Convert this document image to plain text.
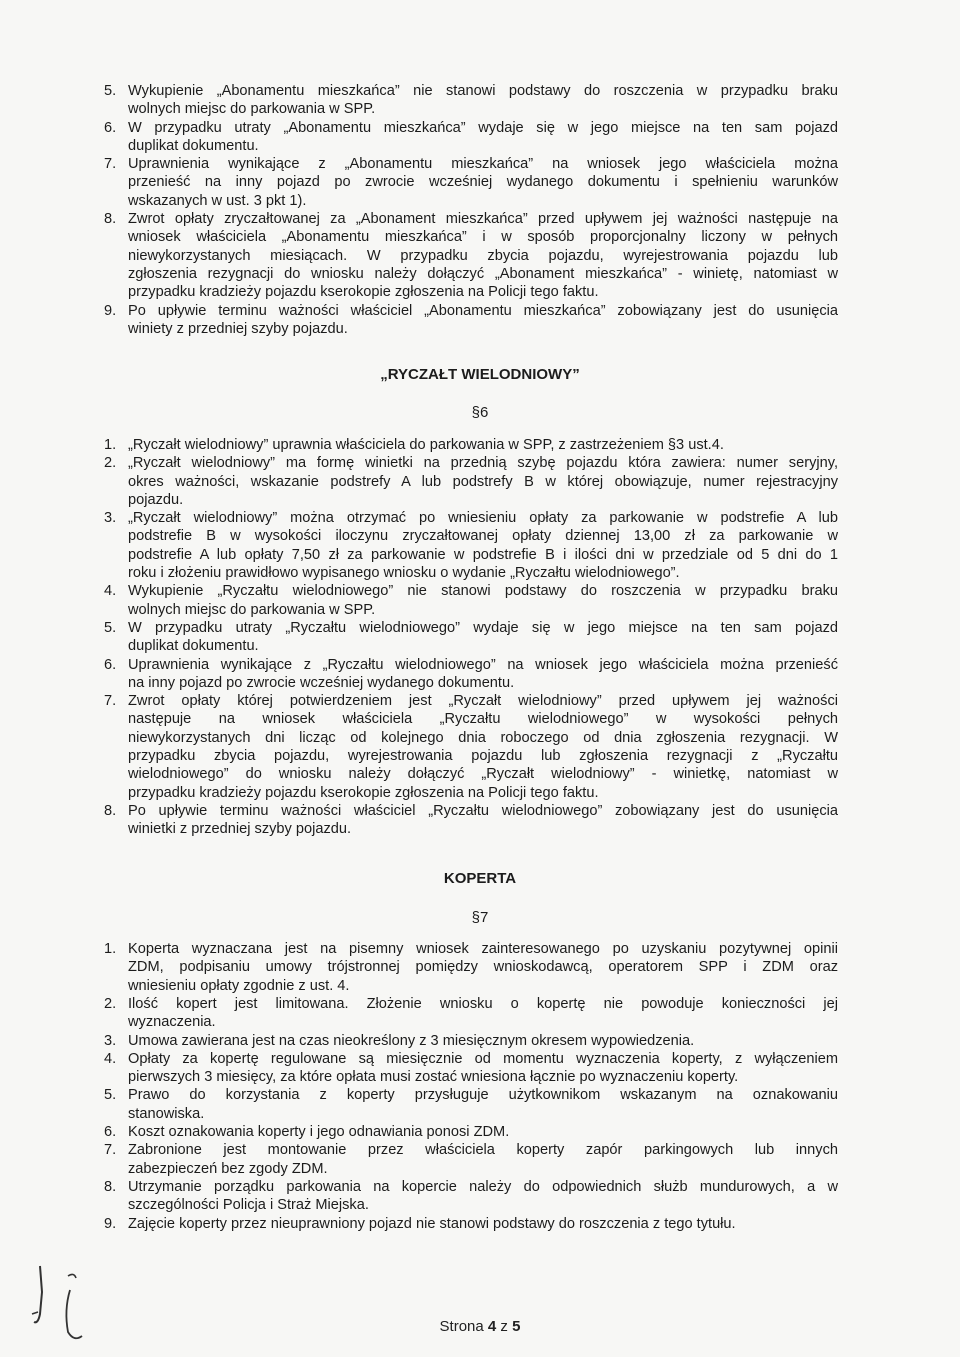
5. Wykupienie „Abonamentu mieszkańca” nie stanowi podstawy do roszczenia w przypadku braku
wolnych miejsc do parkowania w SPP.
6. W przypadku utraty „Abonamentu mieszkańca” wydaje się w jego miejsce na ten sam pojazd
duplikat dokumentu.
7. Uprawnienia wynikające z „Abonamentu mieszkańca” na wniosek jego właściciela można
przenieść na inny pojazd po zwrocie wcześniej wydanego dokumentu i spełnieniu warunków
wskazanych w ust. 3 pkt 1).
8. Zwrot opłaty zryczałtowanej za „Abonament mieszkańca” przed upływem jej ważności następuje na
wniosek właściciela „Abonamentu mieszkańca” i w sposób proporcjonalny liczony w pełnych
niewykorzystanych miesiącach. W przypadku zbycia pojazdu, wyrejestrowania pojazdu lub
zgłoszenia rezygnacji do wniosku należy dołączyć „Abonament mieszkańca” - winietę, natomiast w
przypadku kradzieży pojazdu kserokopie zgłoszenia na Policji tego faktu.
9. Po upływie terminu ważności właściciel „Abonamentu mieszkańca” zobowiązany jest do usunięcia
winiety z przedniej szyby pojazdu.
1. „Ryczałt wielodniowy” uprawnia właściciela do parkowania w SPP, z zastrzeżeniem §3 ust.4.
2. „Ryczałt wielodniowy” ma formę winietki na przednią szybę pojazdu która zawiera: numer seryjny,
okres ważności, wskazanie podstrefy A lub podstrefy B w której obowiązuje, numer rejestracyjny
pojazdu.
3. „Ryczałt wielodniowy” można otrzymać po wniesieniu opłaty za parkowanie w podstrefie A lub
podstrefie B w wysokości iloczynu zryczałtowanej opłaty dziennej 13,00 zł za parkowanie w
podstrefie A lub opłaty 7,50 zł za parkowanie w podstrefie B i ilości dni w przedziale od 5 dni do 1
roku i złożeniu prawidłowo wypisanego wniosku o wydanie „Ryczałtu wielodniowego”.
4. Wykupienie „Ryczałtu wielodniowego” nie stanowi podstawy do roszczenia w przypadku braku
wolnych miejsc do parkowania w SPP.
5. W przypadku utraty „Ryczałtu wielodniowego” wydaje się w jego miejsce na ten sam pojazd
duplikat dokumentu.
6. Uprawnienia wynikające z „Ryczałtu wielodniowego” na wniosek jego właściciela można przenieść
na inny pojazd po zwrocie wcześniej wydanego dokumentu.
7. Zwrot opłaty której potwierdzeniem jest „Ryczałt wielodniowy” przed upływem jej ważności
następuje na wniosek właściciela „Ryczałtu wielodniowego” w wysokości pełnych
niewykorzystanych dni licząc od kolejnego dnia roboczego od dnia zgłoszenia rezygnacji. W
przypadku zbycia pojazdu, wyrejestrowania pojazdu lub zgłoszenia rezygnacji z „Ryczałtu
wielodniowego” do wniosku należy dołączyć „Ryczałt wielodniowy” - winietkę, natomiast w
przypadku kradzieży pojazdu kserokopie zgłoszenia na Policji tego faktu.
8. Po upływie terminu ważności właściciel „Ryczałtu wielodniowego” zobowiązany jest do usunięcia
winietki z przedniej szyby pojazdu.
1. Koperta wyznaczana jest na pisemny wniosek zainteresowanego po uzyskaniu pozytywnej opinii
ZDM, podpisaniu umowy trójstronnej pomiędzy wnioskodawcą, operatorem SPP i ZDM oraz
wniesieniu opłaty zgodnie z ust. 4.
2. Ilość kopert jest limitowana. Złożenie wniosku o kopertę nie powoduje konieczności jej
wyznaczenia.
3. Umowa zawierana jest na czas nieokreślony z 3 miesięcznym okresem wypowiedzenia.
4. Opłaty za kopertę regulowane są miesięcznie od momentu wyznaczenia koperty, z wyłączeniem
pierwszych 3 miesięcy, za które opłata musi zostać wniesiona łącznie po wyznaczeniu koperty.
5. Prawo do korzystania z koperty przysługuje użytkownikom wskazanym na oznakowaniu
stanowiska.
6. Koszt oznakowania koperty i jego odnawiania ponosi ZDM.
7. Zabronione jest montowanie przez właściciela koperty zapór parkingowych lub innych
zabezpieczeń bez zgody ZDM.
8. Utrzymanie porządku parkowania na kopercie należy do odpowiednich służb mundurowych, a w
szczególności Policja i Straż Miejska.
9. Zajęcie koperty przez nieuprawniony pojazd nie stanowi podstawy do roszczenia z tego tytułu.
„RYCZAŁT WIELODNIOWY”
§6
KOPERTA
§7
Strona 4 z 5
